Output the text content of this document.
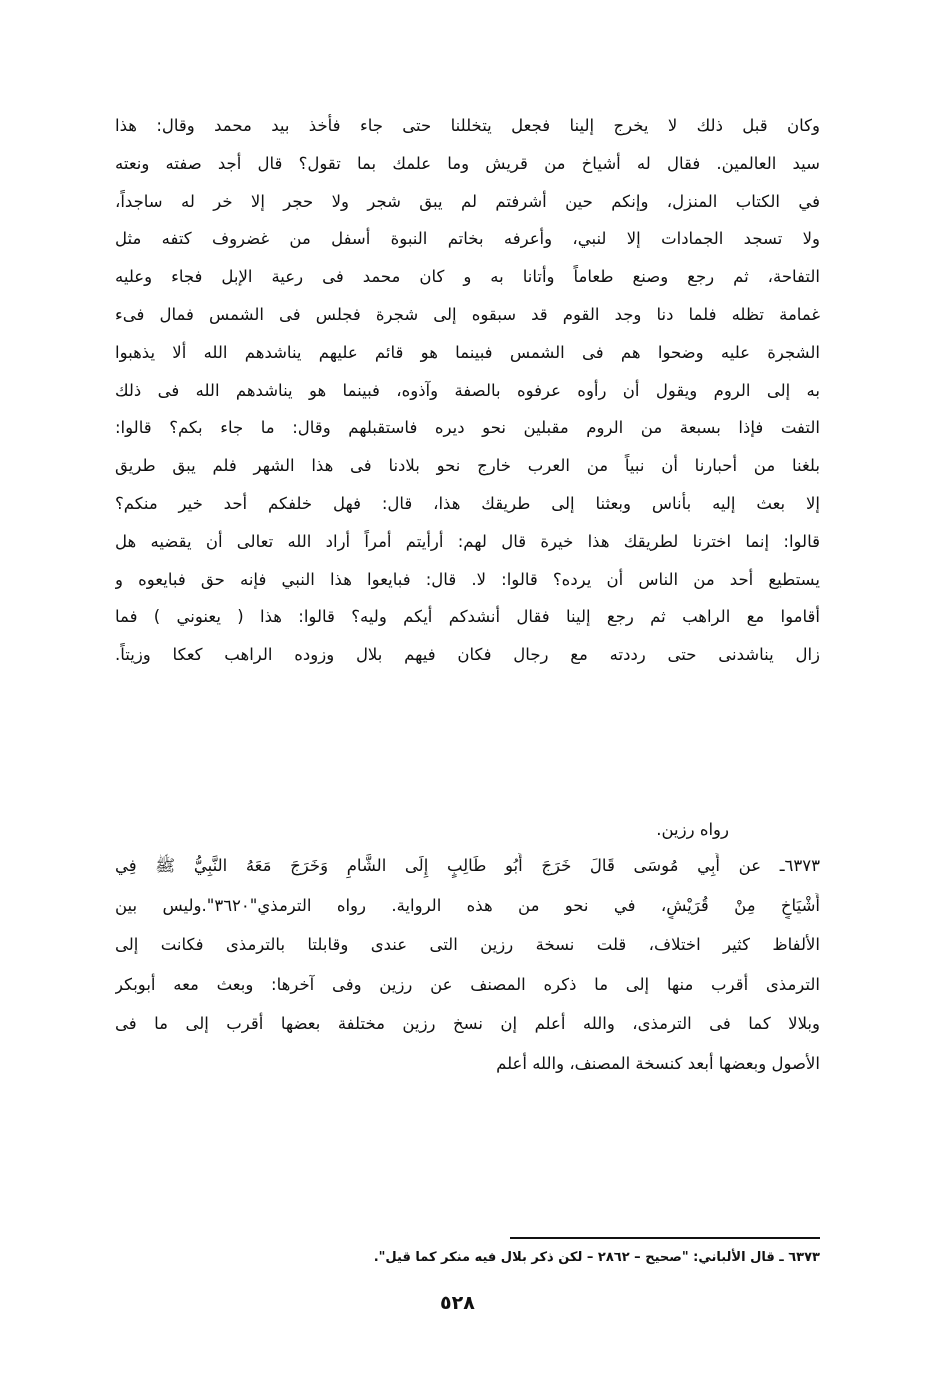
وكان قبل ذلك لا يخرج إلينا فجعل يتخللنا حتى جاء فأخذ بيد محمد وقال: هذا
سيد العالمين. فقال له أشياخ من قريش وما علمك بما تقول؟ قال أجد صفته ونعته
في الكتاب المنزل، وإنكم حين أشرفتم لم يبق شجر ولا حجر إلا خر له ساجداً،
ولا تسجد الجمادات إلا لنبي، وأعرفه بخاتم النبوة أسفل من غضروف كتفه مثل
التفاحة، ثم رجع وصنع طعاماً وأتانا به و كان محمد فى رعية الإبل فجاء وعليه
غمامة تظله فلما دنا وجد القوم قد سبقوه إلى شجرة فجلس فى الشمس فمال فىء
الشجرة عليه وضحوا هم فى الشمس فبينما هو قائم عليهم يناشدهم الله ألا يذهبوا
به إلى الروم ويقول أن رأوه عرفوه بالصفة وآذوه، فبينما هو يناشدهم الله فى ذلك
التفت فإذا بسبعة من الروم مقبلين نحو ديره فاستقبلهم وقال: ما جاء بكم؟ قالوا:
بلغنا من أحبارنا أن نبياً من العرب خارج نحو بلادنا فى هذا الشهر فلم يبق طريق
إلا بعث إليه بأناس وبعثنا إلى طريقك هذا، قال: فهل خلفكم أحد خير منكم؟
قالوا: إنما اخترنا لطريقك هذا خيرة قال لهم: أرأيتم أمراً أراد الله تعالى أن يقضيه هل
يستطيع أحد من الناس أن يرده؟ قالوا: لا. قال: فبايعوا هذا النبي فإنه حق فبايعوه و
أقاموا مع الراهب ثم رجع إلينا فقال أنشدكم أيكم وليه؟ قالوا: هذا ( يعنوني ) فما
زال يناشدنى حتى رددته مع رجال فكان فيهم بلال وزوده الراهب كعكا وزيتاً.
رواه رزين.
٦٣٧٣ـ عن أَبِي مُوسَى قَالَ خَرَجَ أَبُو طَالِبٍ إِلَى الشَّامِ وَخَرَجَ مَعَهُ النَّبِيُّ ﷺ فِي
أَشْيَاخٍ مِنْ قُرَيْشٍ، في نحو من هذه الرواية. رواه الترمذي"٣٦٢٠".وليس بين
الألفاظ كثير اختلاف، قلت نسخة رزين التى عندى وقابلتا بالترمذى فكانت إلى
الترمذى أقرب منها إلى ما ذكره المصنف عن رزين وفى آخرها: وبعث معه أبوبكر
وبلالا كما فى الترمذى، والله أعلم إن نسخ رزين مختلفة بعضها أقرب إلى ما فى
الأصول وبعضها أبعد كنسخة المصنف، والله أعلم
٦٣٧٣ ـ قال الألباني: "صحيح – ٢٨٦٢ – لكن ذكر بلال فيه منكر كما قيل".
٥٢٨
